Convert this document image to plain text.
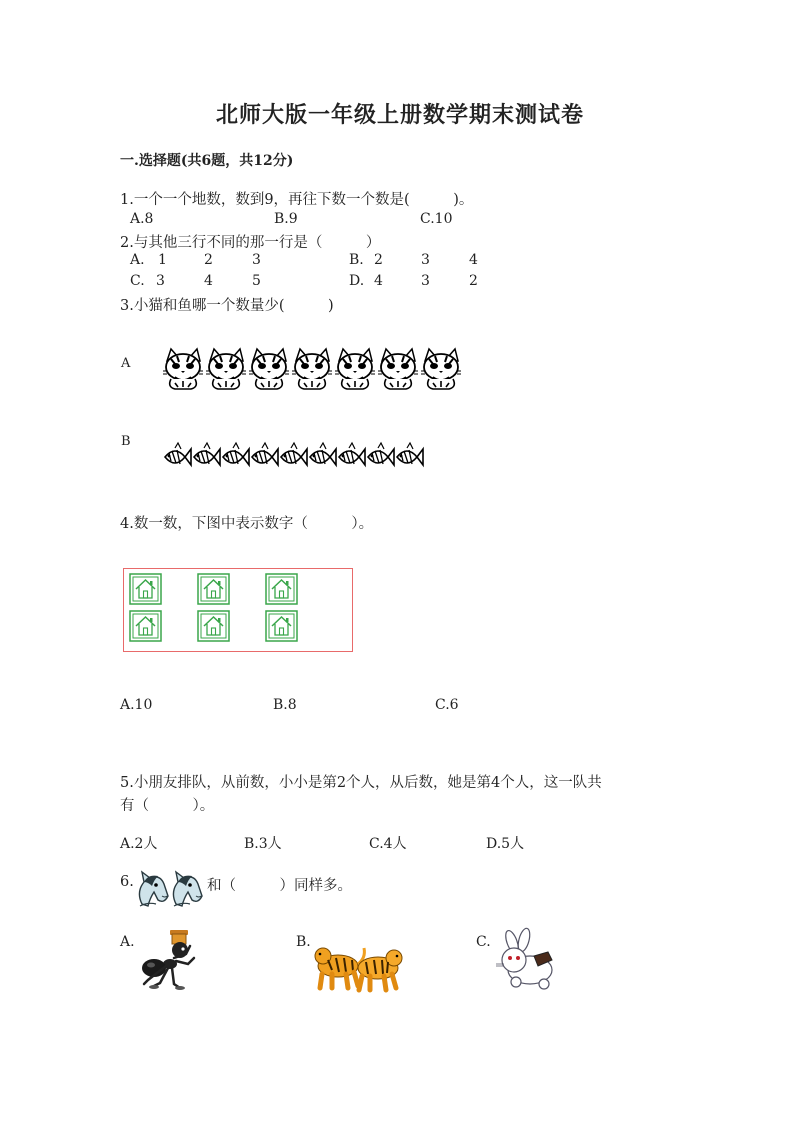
北师大版一年级上册数学期末测试卷
一.选择题(共6题，共12分)
1.一个一个地数，数到9，再往下数一个数是(　　　)。
A.8	B.9	C.10
2.与其他三行不同的那一行是（　　　）
A. 1	2	3	B. 2	3	4
C. 3	4	5	D. 4	3	2
3.小猫和鱼哪一个数量少(　　　)
A
B
4.数一数，下图中表示数字（　　　）。
A.10	B.8	C.6
5.小朋友排队，从前数，小小是第2个人，从后数，她是第4个人，这一队共
有（　　　）。
A.2人	B.3人	C.4人	D.5人
6.	和（　　　）同样多。
A.	B.	C.
